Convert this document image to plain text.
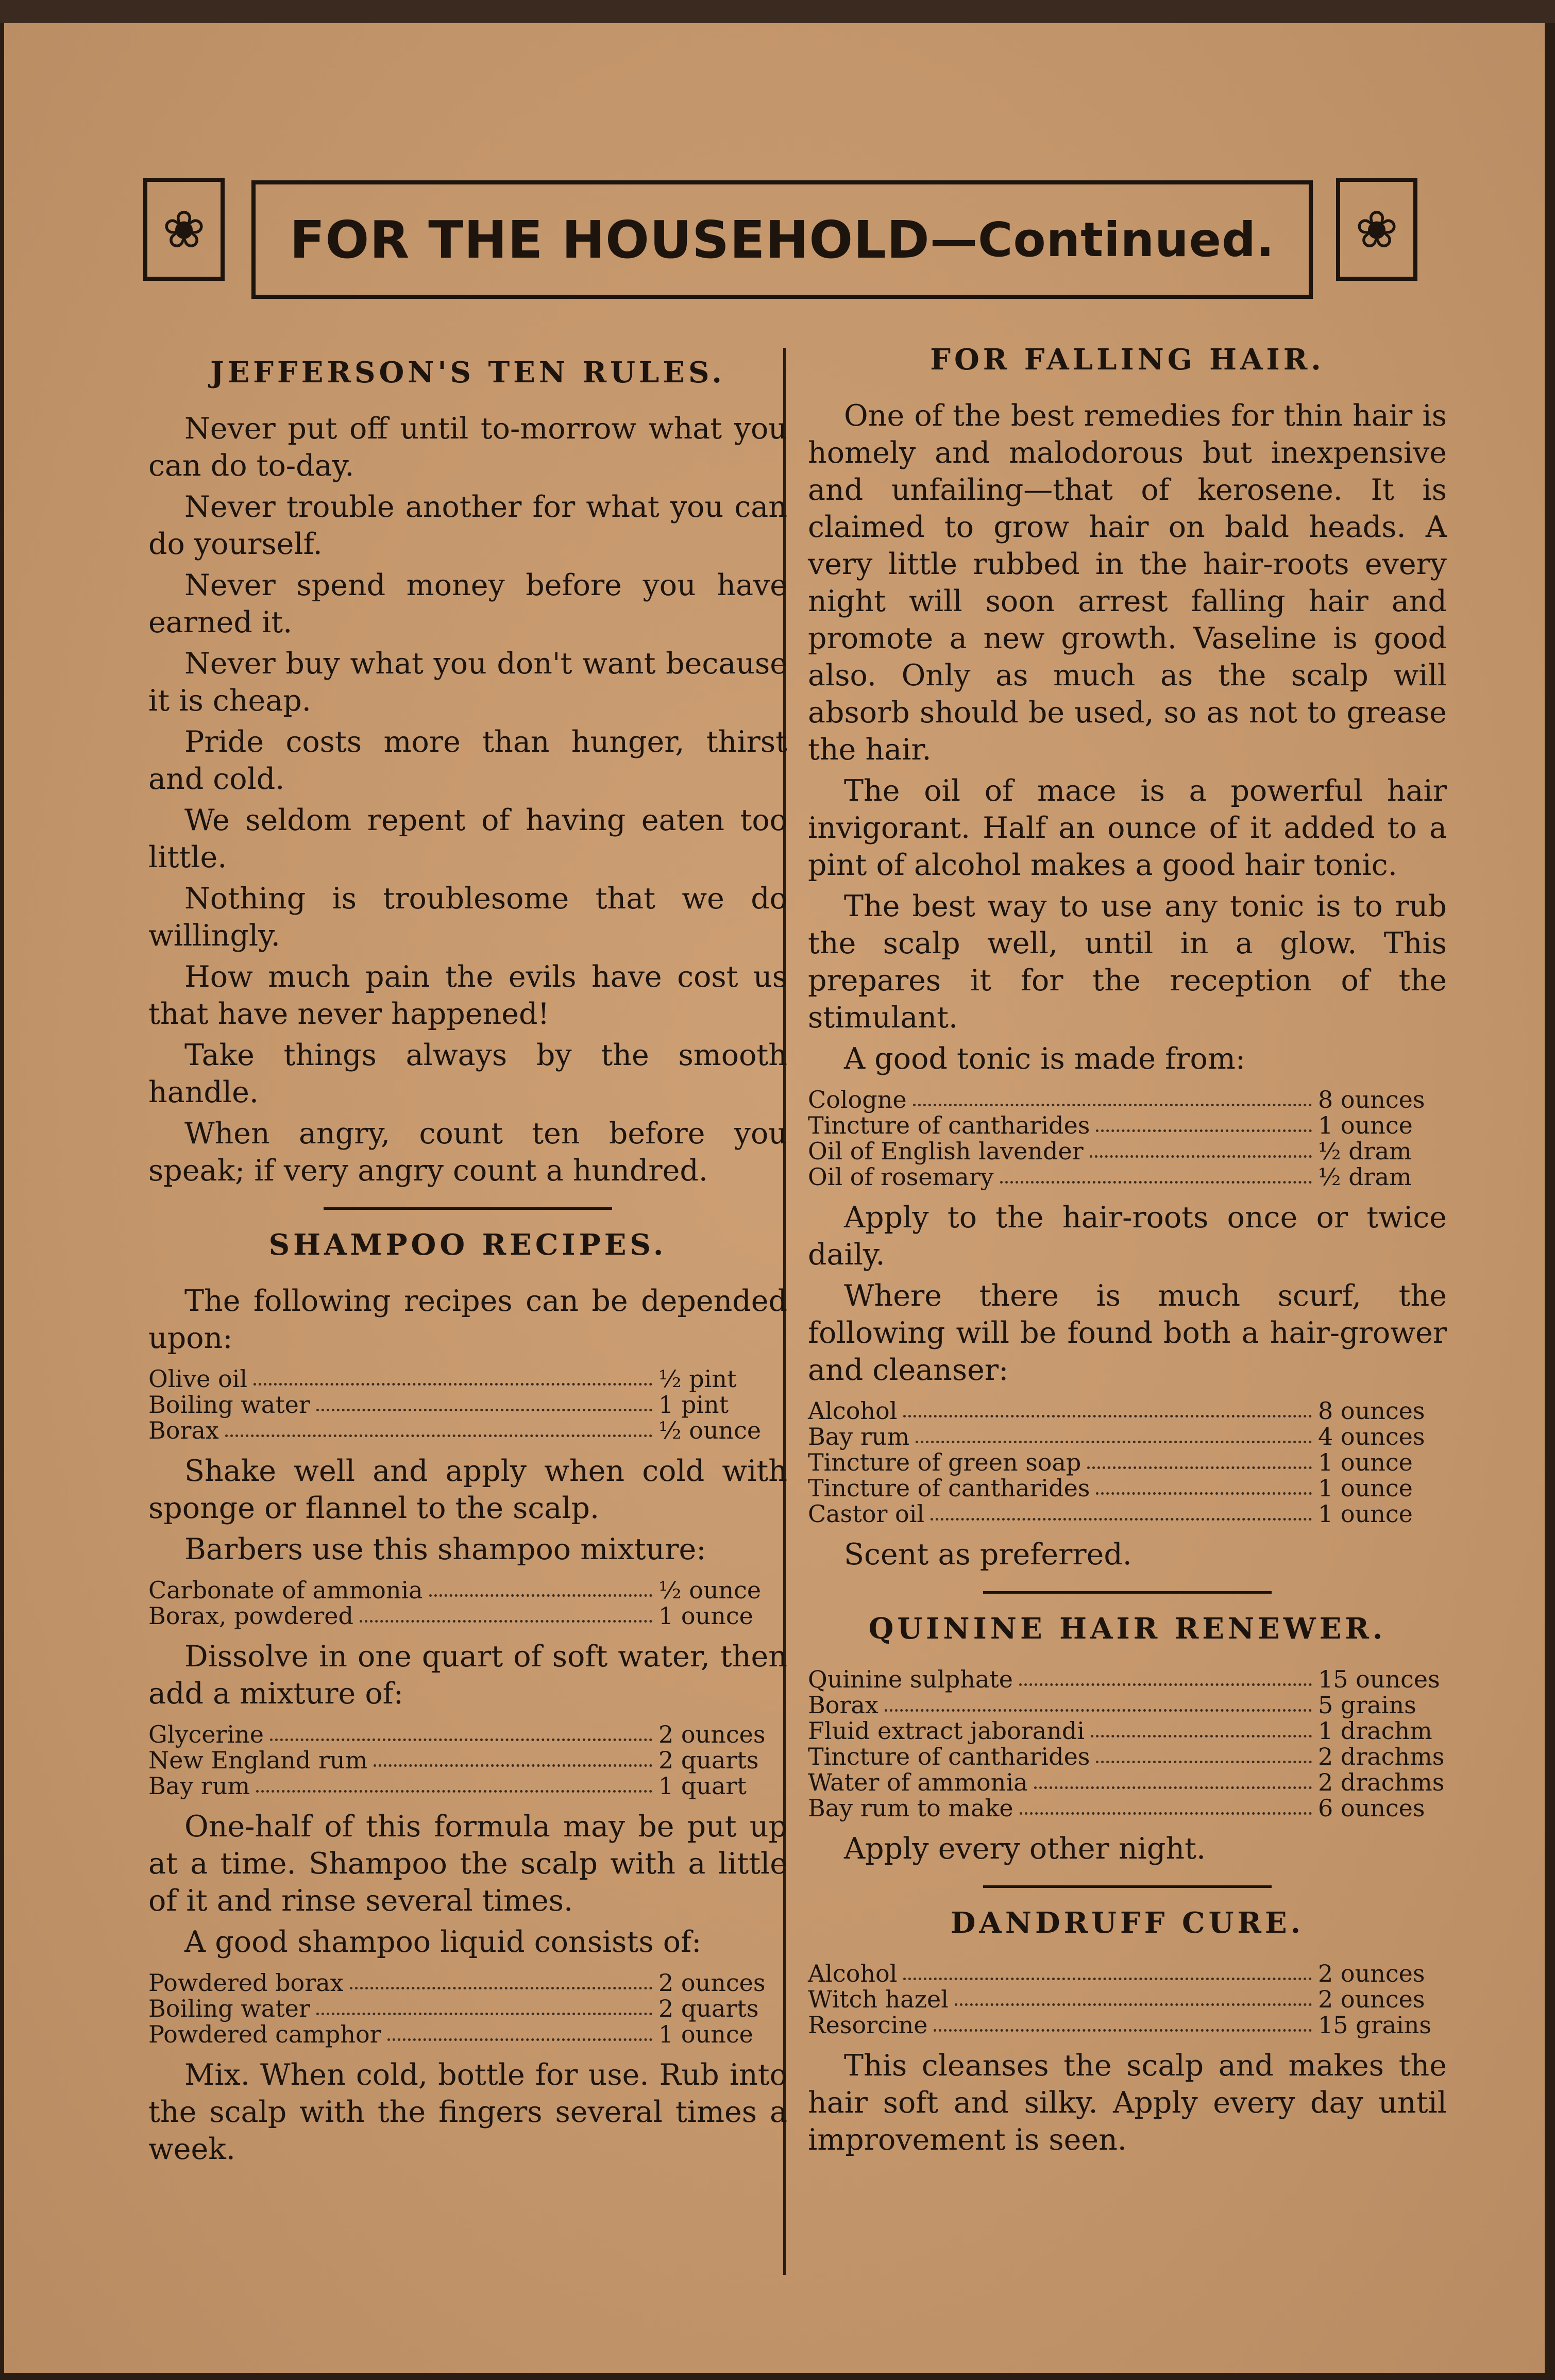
❀	FOR THE HOUSEHOLD —Continued.	❀
JEFFERSON'S TEN RULES.

Never put off until to-morrow what you can do to-day.

Never trouble another for what you can do yourself.

Never spend money before you have earned it.

Never buy what you don't want because it is cheap.

Pride costs more than hunger, thirst and cold.

We seldom repent of having eaten too little.

Nothing is troublesome that we do willingly.

How much pain the evils have cost us that have never happened!

Take things always by the smooth handle.

When angry, count ten before you speak; if very angry count a hundred.

SHAMPOO RECIPES.

The following recipes can be depended upon:

Olive oil	½ pint
Boiling water	1 pint
Borax	½ ounce

Shake well and apply when cold with sponge or flannel to the scalp.

Barbers use this shampoo mixture:

Carbonate of ammonia	½ ounce
Borax, powdered	1 ounce

Dissolve in one quart of soft water, then add a mixture of:

Glycerine	2 ounces
New England rum	2 quarts
Bay rum	1 quart

One-half of this formula may be put up at a time. Shampoo the scalp with a little of it and rinse several times.

A good shampoo liquid consists of:

Powdered borax	2 ounces
Boiling water	2 quarts
Powdered camphor	1 ounce

Mix. When cold, bottle for use. Rub into the scalp with the fingers several times a week.

FOR FALLING HAIR.

One of the best remedies for thin hair is homely and malodorous but inexpensive and unfailing—that of kerosene. It is claimed to grow hair on bald heads. A very little rubbed in the hair-roots every night will soon arrest falling hair and promote a new growth. Vaseline is good also. Only as much as the scalp will absorb should be used, so as not to grease the hair.

The oil of mace is a powerful hair invigorant. Half an ounce of it added to a pint of alcohol makes a good hair tonic.

The best way to use any tonic is to rub the scalp well, until in a glow. This prepares it for the reception of the stimulant.

A good tonic is made from:

Cologne	8 ounces
Tincture of cantharides	1 ounce
Oil of English lavender	½ dram
Oil of rosemary	½ dram

Apply to the hair-roots once or twice daily.

Where there is much scurf, the following will be found both a hair-grower and cleanser:

Alcohol	8 ounces
Bay rum	4 ounces
Tincture of green soap	1 ounce
Tincture of cantharides	1 ounce
Castor oil	1 ounce

Scent as preferred.

QUININE HAIR RENEWER.
Quinine sulphate	15 ounces
Borax	5 grains
Fluid extract jaborandi	1 drachm
Tincture of cantharides	2 drachms
Water of ammonia	2 drachms
Bay rum to make	6 ounces

Apply every other night.

DANDRUFF CURE.
Alcohol	2 ounces
Witch hazel	2 ounces
Resorcine	15 grains

This cleanses the scalp and makes the hair soft and silky. Apply every day until improvement is seen.
